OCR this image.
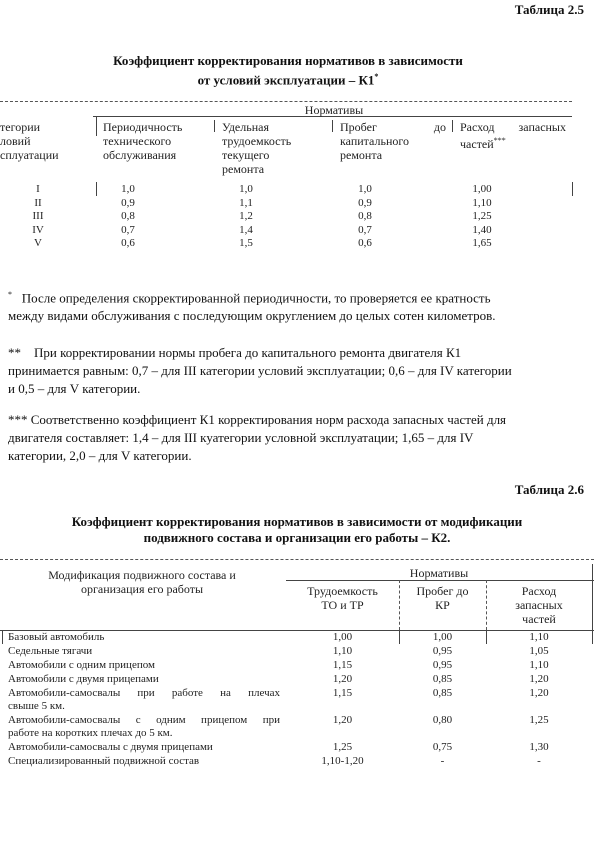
Таблица 2.5
Коэффициент корректирования нормативов в зависимости
от условий эксплуатации – К1*
Нормативы
тегории
ловий
сплуатации
Периодичность
технического
обслуживания
Удельная
трудоемкость
текущего
ремонта
Пробег	до
капитального
ремонта
Расход запасных
частей***
I	1,0	1,0	1,0	1,00
II	0,9	1,1	0,9	1,10
III	0,8	1,2	0,8	1,25
IV	0,7	1,4	0,7	1,40
V	0,6	1,5	0,6	1,65
* После определения скорректированной периодичности, то проверяется ее кратность
между видами обслуживания с последующим округлением до целых сотен километров.
**    При корректировании нормы пробега до капитального ремонта двигателя К1
принимается равным: 0,7 – для III категории условий эксплуатации; 0,6 – для IV категории
и 0,5 – для V категории.
*** Соответственно коэффициент К1 корректирования норм расхода запасных частей для
двигателя составляет: 1,4 – для III куатегории условной эксплуатации; 1,65 – для IV
категории, 2,0 – для V категории.
Таблица 2.6
Коэффициент корректирования нормативов в зависимости от модификации
подвижного состава и организации его работы – К2.
Модификация подвижного состава и
организация его работы
Нормативы
Трудоемкость
ТО и ТР
Пробег до
КР
Расход
запасных
частей
Базовый автомобиль	1,00	1,00	1,10
Седельные тягачи	1,10	0,95	1,05
Автомобили с одним прицепом	1,15	0,95	1,10
Автомобили с двумя прицепами	1,20	0,85	1,20
Автомобили-самосвалы   при   работе   на   плечах
свыше 5 км.
1,15	0,85	1,20
Автомобили-самосвалы   с   одним   прицепом   при
работе на коротких плечах до 5 км.
1,20	0,80	1,25
Автомобили-самосвалы с двумя прицепами	1,25	0,75	1,30
Специализированный подвижной состав	1,10-1,20	-	-
